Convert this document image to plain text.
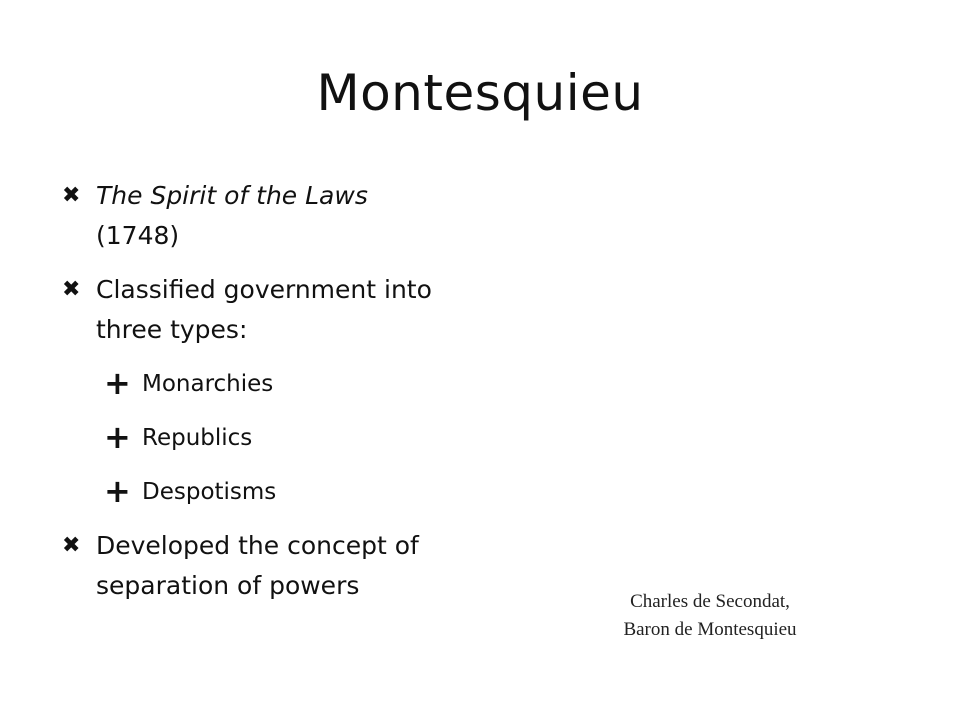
Montesquieu
✖ The Spirit of the Laws
(1748)
✖ Classified government into three types:
+ Monarchies
+ Republics
+ Despotisms
✖ Developed the concept of separation of powers
Charles de Secondat,
Baron de Montesquieu
